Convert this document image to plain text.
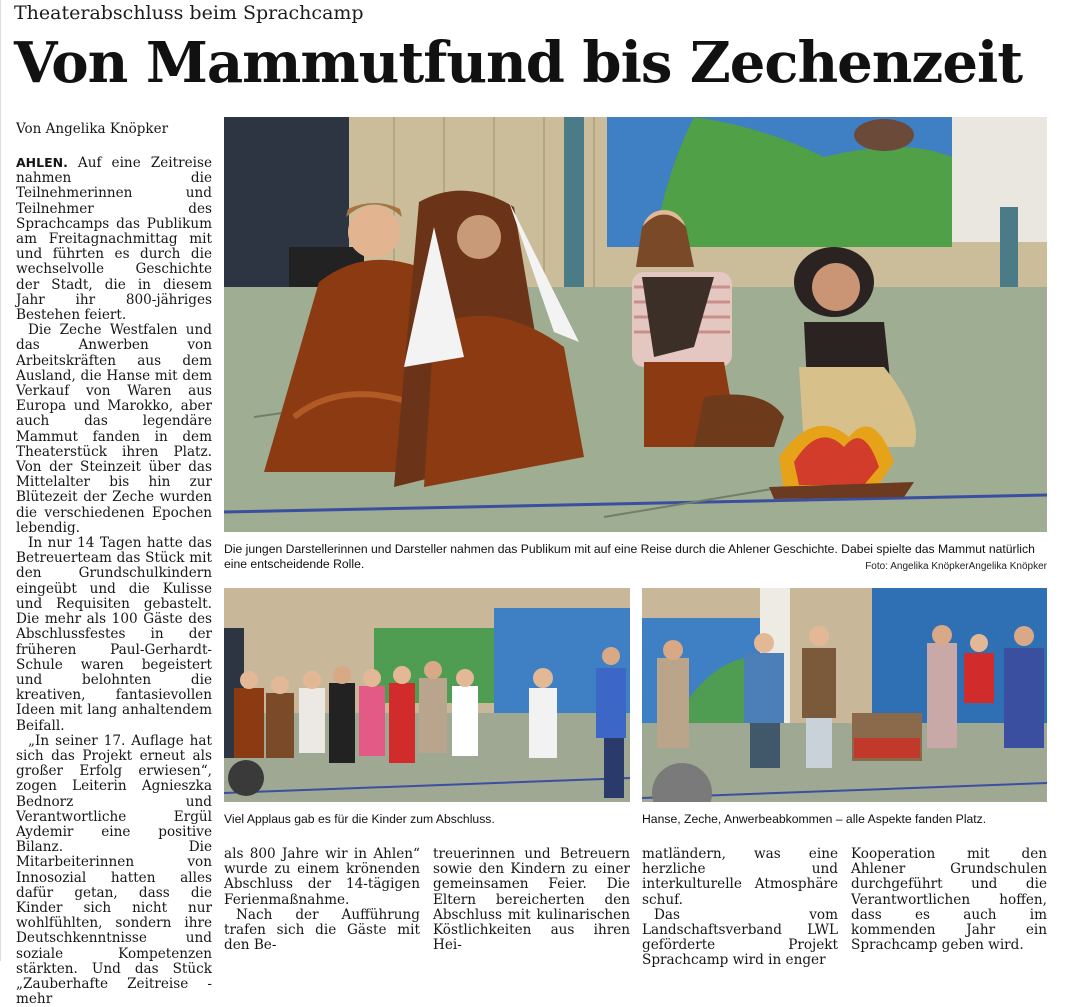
Theaterabschluss beim Sprachcamp
Von Mammutfund bis Zechenzeit
Von Angelika Knöpker

AHLEN. Auf eine Zeitreise nahmen die Teilnehmerinnen und Teilnehmer des Sprachcamps das Publikum am Freitagnachmittag mit und führten es durch die wechselvolle Geschichte der Stadt, die in diesem Jahr ihr 800-jähriges Bestehen feiert.

Die Zeche Westfalen und das Anwerben von Arbeitskräften aus dem Ausland, die Hanse mit dem Verkauf von Waren aus Europa und Marokko, aber auch das legendäre Mammut fanden in dem Theaterstück ihren Platz. Von der Steinzeit über das Mittelalter bis hin zur Blütezeit der Zeche wurden die verschiedenen Epochen lebendig.

In nur 14 Tagen hatte das Betreuerteam das Stück mit den Grundschulkindern eingeübt und die Kulisse und Requisiten gebastelt. Die mehr als 100 Gäste des Abschlussfestes in der früheren Paul-Gerhardt-Schule waren begeistert und belohnten die kreativen, fantasievollen Ideen mit lang anhaltendem Beifall.

„In seiner 17. Auflage hat sich das Projekt erneut als großer Erfolg erwiesen“, zogen Leiterin Agnieszka Bednorz und Verantwortliche Ergül Aydemir eine positive Bilanz. Die Mitarbeiterinnen von Innosozial hatten alles dafür getan, dass die Kinder sich nicht nur wohlfühlten, sondern ihre Deutschkenntnisse und soziale Kompetenzen stärkten. Und das Stück „Zauberhafte Zeitreise - mehr

Die jungen Darstellerinnen und Darsteller nahmen das Publikum mit auf eine Reise durch die Ahlener Geschichte. Dabei spielte das Mammut natürlich eine entscheidende Rolle.	Foto: Angelika KnöpkerAngelika Knöpker
Viel Applaus gab es für die Kinder zum Abschluss.	Hanse, Zeche, Anwerbeabkommen – alle Aspekte fanden Platz.

als 800 Jahre wir in Ahlen“ wurde zu einem krönenden Abschluss der 14-tägigen Ferienmaßnahme.

Nach der Aufführung trafen sich die Gäste mit den Be-

treuerinnen und Betreuern sowie den Kindern zu einer gemeinsamen Feier. Die Eltern bereicherten den Abschluss mit kulinarischen Köstlichkeiten aus ihren Hei-

matländern, was eine herzliche und interkulturelle Atmosphäre schuf.

Das vom Landschaftsverband LWL geförderte Projekt Sprachcamp wird in enger

Kooperation mit den Ahlener Grundschulen durchgeführt und die Verantwortlichen hoffen, dass es auch im kommenden Jahr ein Sprachcamp geben wird.
